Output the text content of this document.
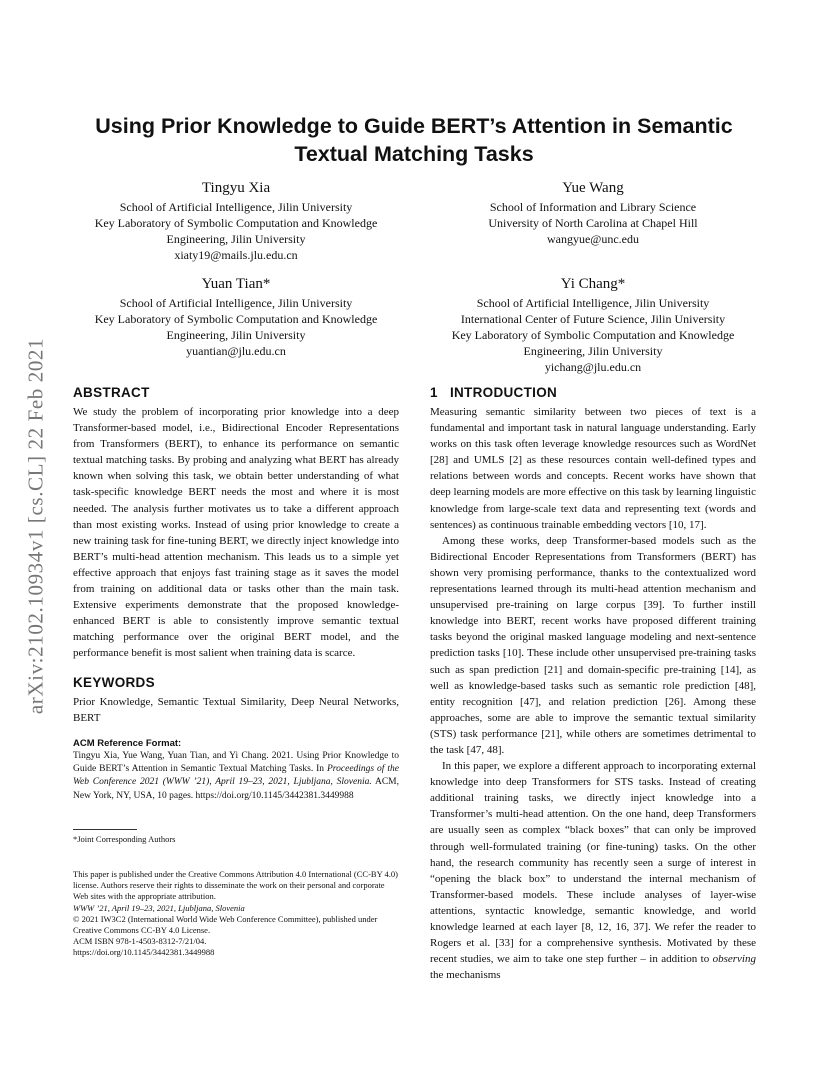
Using Prior Knowledge to Guide BERT’s Attention in Semantic
Textual Matching Tasks
Tingyu Xia
School of Artificial Intelligence, Jilin University
Key Laboratory of Symbolic Computation and Knowledge
Engineering, Jilin University
xiaty19@mails.jlu.edu.cn
Yue Wang
School of Information and Library Science
University of North Carolina at Chapel Hill
wangyue@unc.edu
Yuan Tian*
School of Artificial Intelligence, Jilin University
Key Laboratory of Symbolic Computation and Knowledge
Engineering, Jilin University
yuantian@jlu.edu.cn
Yi Chang*
School of Artificial Intelligence, Jilin University
International Center of Future Science, Jilin University
Key Laboratory of Symbolic Computation and Knowledge
Engineering, Jilin University
yichang@jlu.edu.cn
arXiv:2102.10934v1 [cs.CL] 22 Feb 2021 ABSTRACT

We study the problem of incorporating prior knowledge into a deep Transformer-based model, i.e., Bidirectional Encoder Representations from Transformers (BERT), to enhance its performance on semantic textual matching tasks. By probing and analyzing what BERT has already known when solving this task, we obtain better understanding of what task-specific knowledge BERT needs the most and where it is most needed. The analysis further motivates us to take a different approach than most existing works. Instead of using prior knowledge to create a new training task for fine-tuning BERT, we directly inject knowledge into BERT’s multi-head attention mechanism. This leads us to a simple yet effective approach that enjoys fast training stage as it saves the model from training on additional data or tasks other than the main task. Extensive experiments demonstrate that the proposed knowledge-enhanced BERT is able to consistently improve semantic textual matching performance over the original BERT model, and the performance benefit is most salient when training data is scarce.

KEYWORDS

Prior Knowledge, Semantic Textual Similarity, Deep Neural Networks, BERT

ACM Reference Format:
Tingyu Xia, Yue Wang, Yuan Tian, and Yi Chang. 2021. Using Prior Knowledge to Guide BERT’s Attention in Semantic Textual Matching Tasks. In Proceedings of the Web Conference 2021 (WWW ’21), April 19–23, 2021, Ljubljana, Slovenia. ACM, New York, NY, USA, 10 pages. https://doi.org/10.1145/3442381.3449988
*Joint Corresponding Authors
This paper is published under the Creative Commons Attribution 4.0 International (CC-BY 4.0) license. Authors reserve their rights to disseminate the work on their personal and corporate Web sites with the appropriate attribution.
WWW ’21, April 19–23, 2021, Ljubljana, Slovenia
© 2021 IW3C2 (International World Wide Web Conference Committee), published under Creative Commons CC-BY 4.0 License.
ACM ISBN 978-1-4503-8312-7/21/04.
https://doi.org/10.1145/3442381.3449988
1   INTRODUCTION

Measuring semantic similarity between two pieces of text is a fundamental and important task in natural language understanding. Early works on this task often leverage knowledge resources such as WordNet [28] and UMLS [2] as these resources contain well-defined types and relations between words and concepts. Recent works have shown that deep learning models are more effective on this task by learning linguistic knowledge from large-scale text data and representing text (words and sentences) as continuous trainable embedding vectors [10, 17].

Among these works, deep Transformer-based models such as the Bidirectional Encoder Representations from Transformers (BERT) has shown very promising performance, thanks to the contextualized word representations learned through its multi-head attention mechanism and unsupervised pre-training on large corpus [39]. To further instill knowledge into BERT, recent works have proposed different training tasks beyond the original masked language modeling and next-sentence prediction tasks [10]. These include other unsupervised pre-training tasks such as span prediction [21] and domain-specific pre-training [14], as well as knowledge-based tasks such as semantic role prediction [48], entity recognition [47], and relation prediction [26]. Among these approaches, some are able to improve the semantic textual similarity (STS) task performance [21], while others are sometimes detrimental to the task [47, 48].

In this paper, we explore a different approach to incorporating external knowledge into deep Transformers for STS tasks. Instead of creating additional training tasks, we directly inject knowledge into a Transformer’s multi-head attention. On the one hand, deep Transformers are usually seen as complex “black boxes” that can only be improved through well-formulated training (or fine-tuning) tasks. On the other hand, the research community has recently seen a surge of interest in “opening the black box” to understand the internal mechanism of Transformer-based models. These include analyses of layer-wise attentions, syntactic knowledge, semantic knowledge, and world knowledge learned at each layer [8, 12, 16, 37]. We refer the reader to Rogers et al. [33] for a comprehensive synthesis. Motivated by these recent studies, we aim to take one step further – in addition to observing the mechanisms
